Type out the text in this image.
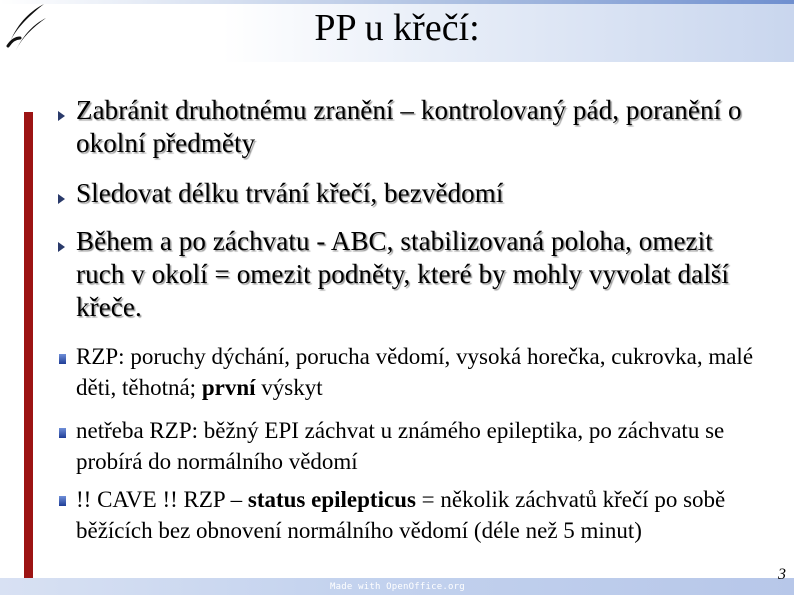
PP u křečí:
Zabránit druhotnému zranění – kontrolovaný pád, poranění o okolní předměty
Sledovat délku trvání křečí, bezvědomí
Během a po záchvatu - ABC, stabilizovaná poloha, omezit ruch v okolí = omezit podněty, které by mohly vyvolat další křeče.
RZP: poruchy dýchání, porucha vědomí, vysoká horečka, cukrovka, malé děti, těhotná; první výskyt
netřeba RZP: běžný EPI záchvat u známého epileptika, po záchvatu se probírá do normálního vědomí
!! CAVE !! RZP – status epilepticus = několik záchvatů křečí po sobě běžících bez obnovení normálního vědomí (déle než 5 minut)
Made with OpenOffice.org
3
